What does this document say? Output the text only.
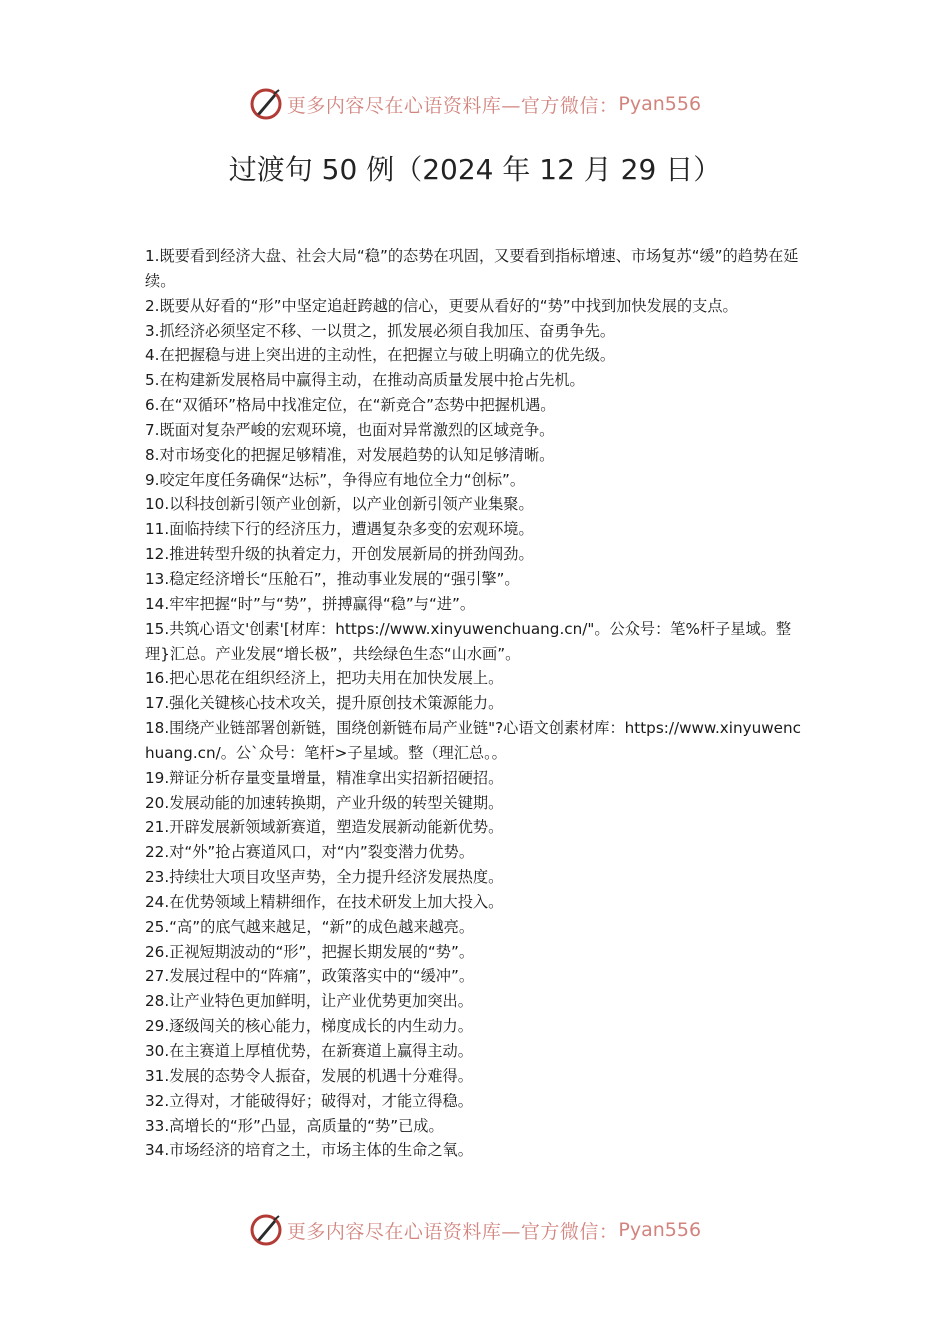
更多内容尽在心语资料库—官方微信： Pyan556
过渡句 50 例（2024 年 12 月 29 日）
1.既要看到经济大盘、社会大局“稳”的态势在巩固，又要看到指标增速、市场复苏“缓”的趋势在延续。
2.既要从好看的“形”中坚定追赶跨越的信心，更要从看好的“势”中找到加快发展的支点。
3.抓经济必须坚定不移、一以贯之，抓发展必须自我加压、奋勇争先。
4.在把握稳与进上突出进的主动性，在把握立与破上明确立的优先级。
5.在构建新发展格局中赢得主动，在推动高质量发展中抢占先机。
6.在“双循环”格局中找准定位，在“新竞合”态势中把握机遇。
7.既面对复杂严峻的宏观环境，也面对异常激烈的区域竞争。
8.对市场变化的把握足够精准，对发展趋势的认知足够清晰。
9.咬定年度任务确保“达标”，争得应有地位全力“创标”。
10.以科技创新引领产业创新，以产业创新引领产业集聚。
11.面临持续下行的经济压力，遭遇复杂多变的宏观环境。
12.推进转型升级的执着定力，开创发展新局的拼劲闯劲。
13.稳定经济增长“压舱石”，推动事业发展的“强引擎”。
14.牢牢把握“时”与“势”，拼搏赢得“稳”与“进”。
15.共筑心语文'创素'[材库：https://www.xinyuwenchuang.cn/"。公众号：笔%杆子星域。整理}汇总。产业发展“增长极”，共绘绿色生态“山水画”。
16.把心思花在组织经济上，把功夫用在加快发展上。
17.强化关键核心技术攻关，提升原创技术策源能力。
18.围绕产业链部署创新链，围绕创新链布局产业链"?心语文创素材库：https://www.xinyuwenchuang.cn/。公`众号：笔杆>子星域。整（理汇总。。
19.辩证分析存量变量增量，精准拿出实招新招硬招。
20.发展动能的加速转换期，产业升级的转型关键期。
21.开辟发展新领域新赛道，塑造发展新动能新优势。
22.对“外”抢占赛道风口，对“内”裂变潜力优势。
23.持续壮大项目攻坚声势，全力提升经济发展热度。
24.在优势领域上精耕细作，在技术研发上加大投入。
25.“高”的底气越来越足，“新”的成色越来越亮。
26.正视短期波动的“形”，把握长期发展的“势”。
27.发展过程中的“阵痛”，政策落实中的“缓冲”。
28.让产业特色更加鲜明，让产业优势更加突出。
29.逐级闯关的核心能力，梯度成长的内生动力。
30.在主赛道上厚植优势，在新赛道上赢得主动。
31.发展的态势令人振奋，发展的机遇十分难得。
32.立得对，才能破得好；破得对，才能立得稳。
33.高增长的“形”凸显，高质量的“势”已成。
34.市场经济的培育之土，市场主体的生命之氧。
更多内容尽在心语资料库—官方微信： Pyan556
